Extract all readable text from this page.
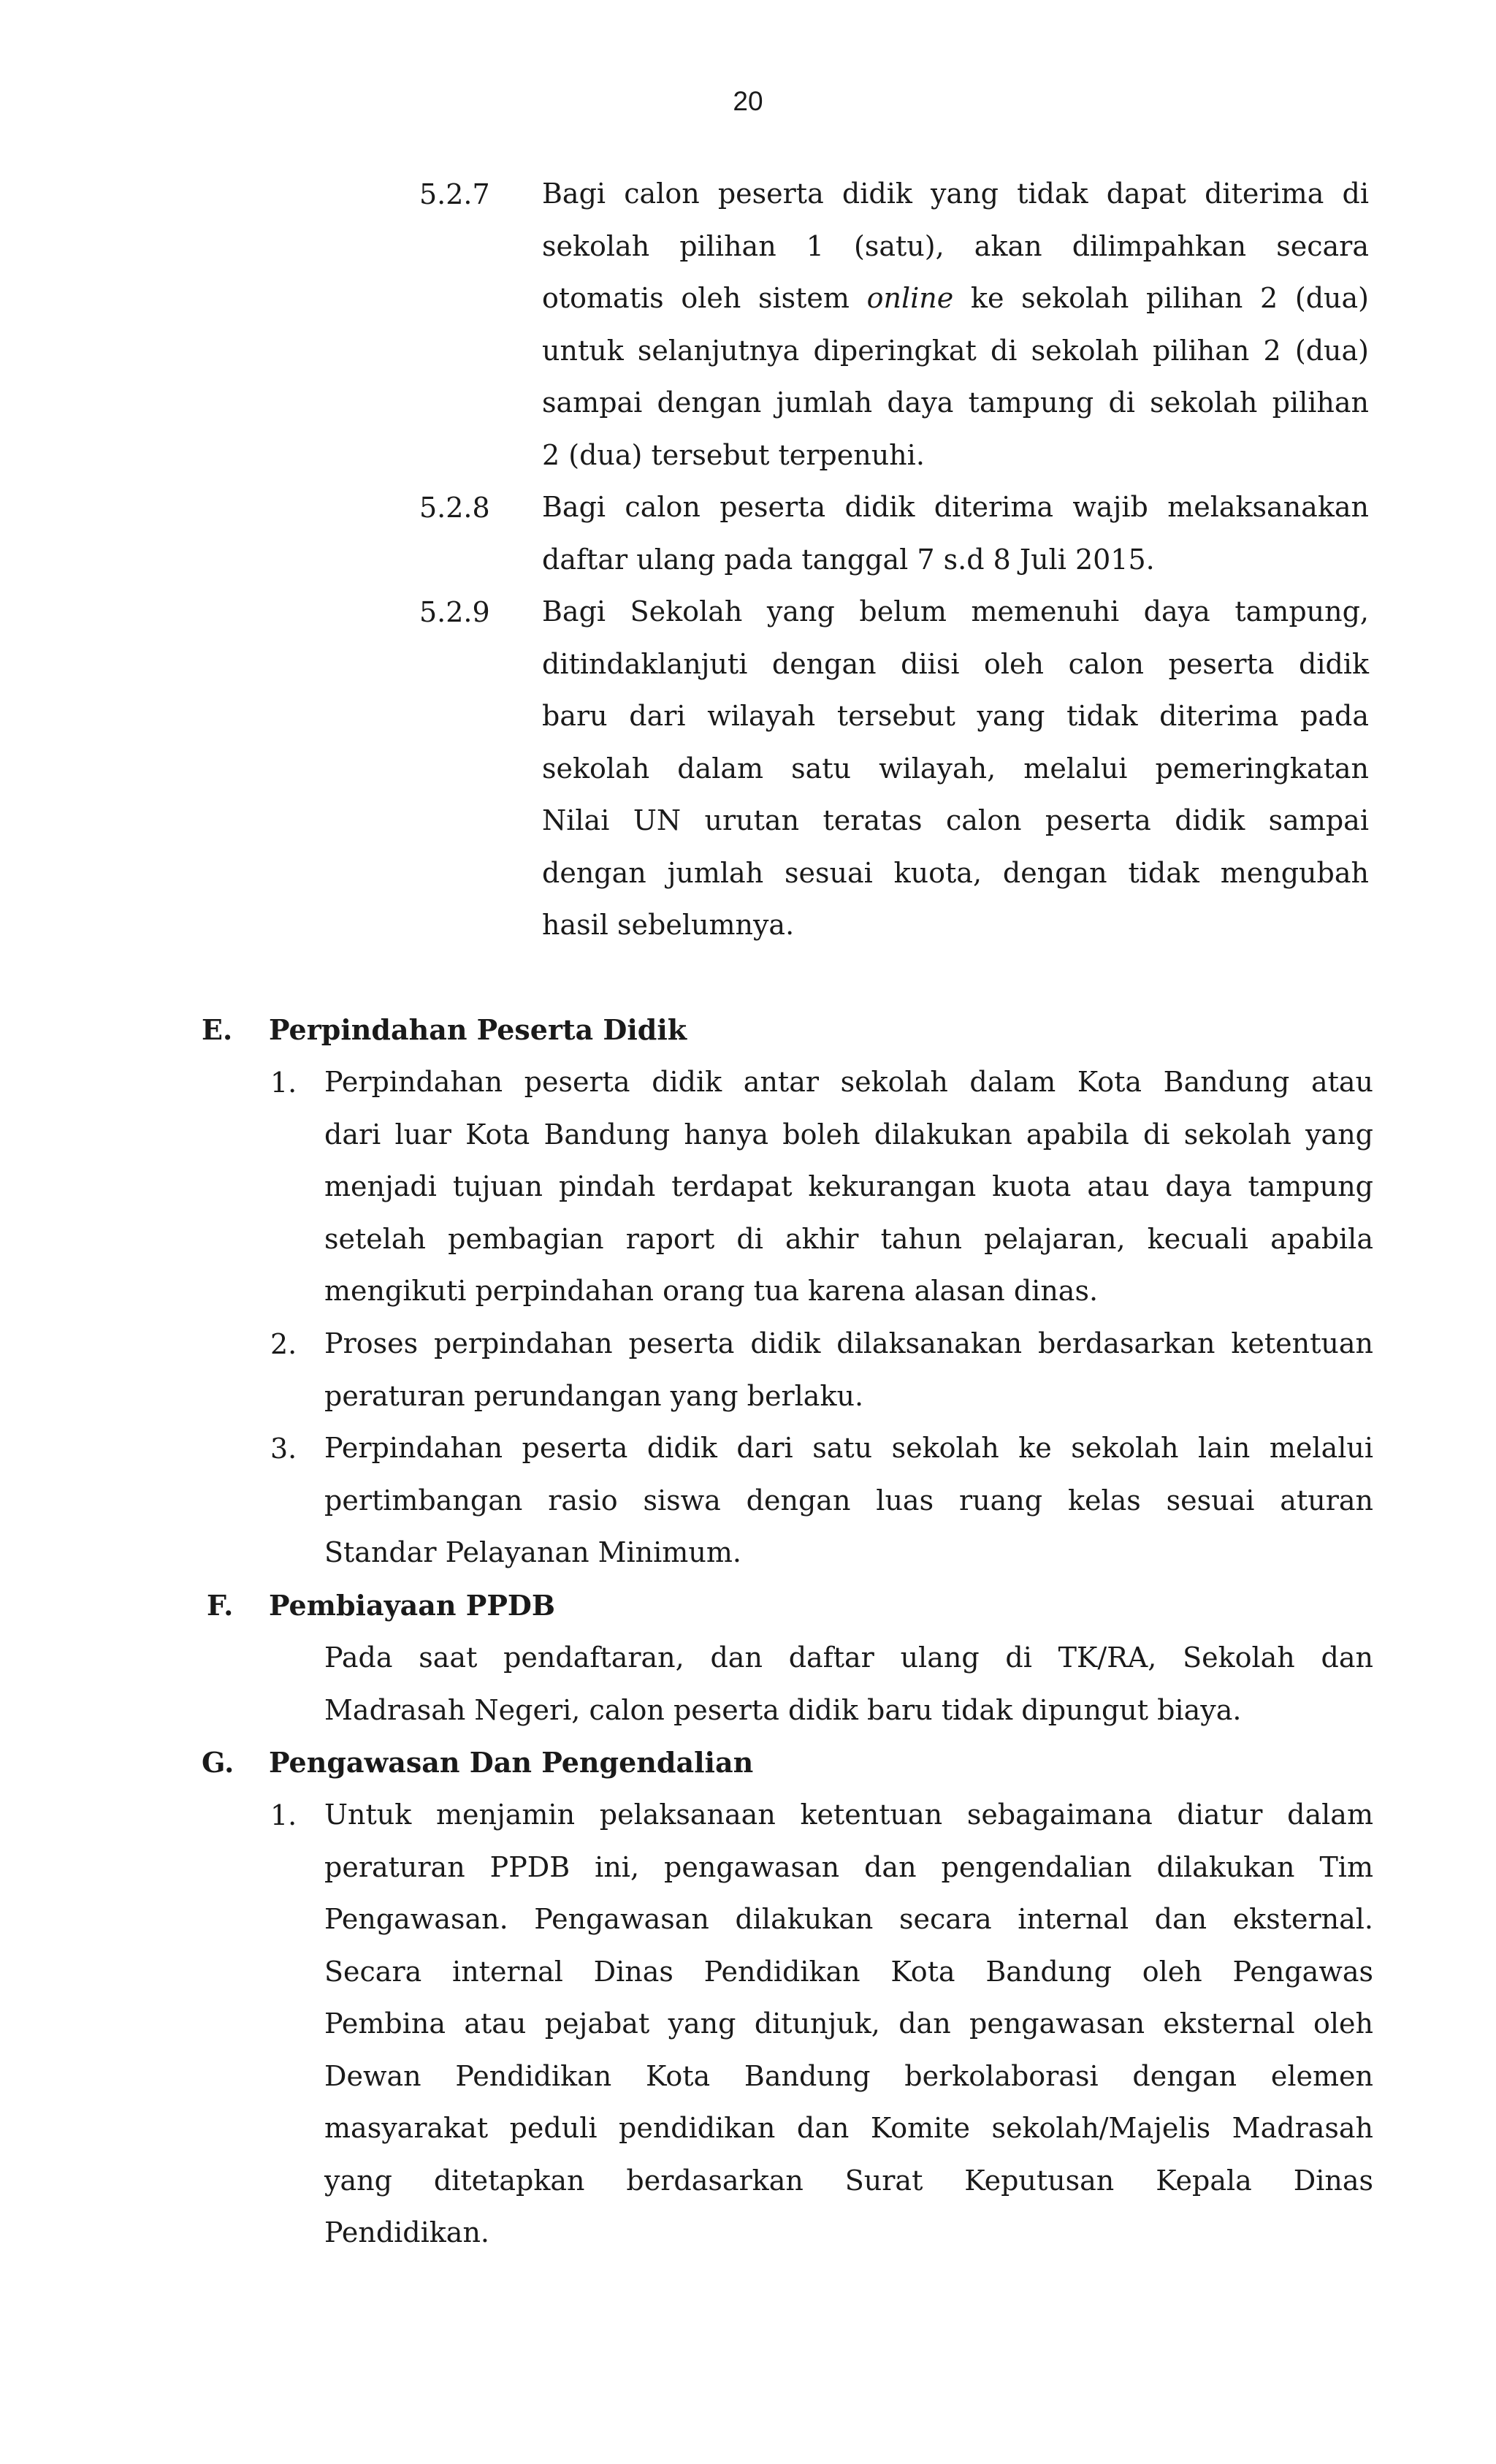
20
5.2.7 Bagi calon peserta didik yang tidak dapat diterima di
sekolah pilihan 1 (satu), akan dilimpahkan secara
otomatis oleh sistem online ke sekolah pilihan 2 (dua)
untuk selanjutnya diperingkat di sekolah pilihan 2 (dua)
sampai dengan jumlah daya tampung di sekolah pilihan
2 (dua) tersebut terpenuhi.
5.2.8 Bagi calon peserta didik diterima wajib melaksanakan
daftar ulang pada tanggal 7 s.d 8 Juli 2015.
5.2.9 Bagi Sekolah yang belum memenuhi daya tampung,
ditindaklanjuti dengan diisi oleh calon peserta didik
baru dari wilayah tersebut yang tidak diterima pada
sekolah dalam satu wilayah, melalui pemeringkatan
Nilai UN urutan teratas calon peserta didik sampai
dengan jumlah sesuai kuota, dengan tidak mengubah
hasil sebelumnya.
E. Perpindahan Peserta Didik
1. Perpindahan peserta didik antar sekolah dalam Kota Bandung atau
dari luar Kota Bandung hanya boleh dilakukan apabila di sekolah yang
menjadi tujuan pindah terdapat kekurangan kuota atau daya tampung
setelah pembagian raport di akhir tahun pelajaran, kecuali apabila
mengikuti perpindahan orang tua karena alasan dinas.
2. Proses perpindahan peserta didik dilaksanakan berdasarkan ketentuan
peraturan perundangan yang berlaku.
3. Perpindahan peserta didik dari satu sekolah ke sekolah lain melalui
pertimbangan rasio siswa dengan luas ruang kelas sesuai aturan
Standar Pelayanan Minimum.
F. Pembiayaan PPDB
Pada saat pendaftaran, dan daftar ulang di TK/RA, Sekolah dan
Madrasah Negeri, calon peserta didik baru tidak dipungut biaya.
G. Pengawasan Dan Pengendalian
1. Untuk menjamin pelaksanaan ketentuan sebagaimana diatur dalam
peraturan PPDB ini, pengawasan dan pengendalian dilakukan Tim
Pengawasan. Pengawasan dilakukan secara internal dan eksternal.
Secara internal Dinas Pendidikan Kota Bandung oleh Pengawas
Pembina atau pejabat yang ditunjuk, dan pengawasan eksternal oleh
Dewan Pendidikan Kota Bandung berkolaborasi dengan elemen
masyarakat peduli pendidikan dan Komite sekolah/Majelis Madrasah
yang ditetapkan berdasarkan Surat Keputusan Kepala Dinas
Pendidikan.
